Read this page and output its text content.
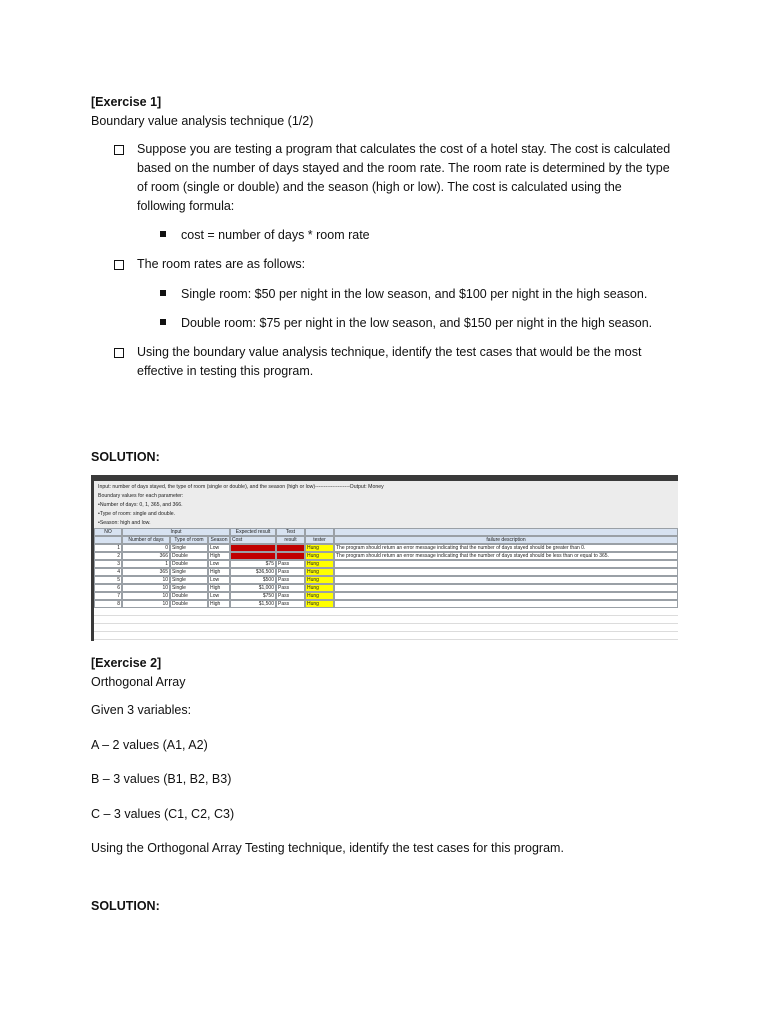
[Exercise 1]
Boundary value analysis technique (1/2)
Suppose you are testing a program that calculates the cost of a hotel stay. The cost is calculated
based on the number of days stayed and the room rate. The room rate is determined by the type
of room (single or double) and the season (high or low). The cost is calculated using the
following formula:
cost = number of days * room rate
The room rates are as follows:
Single room: $50 per night in the low season, and $100 per night in the high season.
Double room: $75 per night in the low season, and $150 per night in the high season.
Using the boundary value analysis technique, identify the test cases that would be the most
effective in testing this program.
SOLUTION:
Input: number of days stayed, the type of room (single or double), and the season (high or low)--------------------Output: Money
Boundary values for each parameter:
•Number of days: 0, 1, 365, and 366.
•Type of room: single and double.
•Season: high and low.
NO	Input	Expected result	Test
Number of days	Type of room	Season Cost	result	tester	failure description
1	0 Single	Low	ERROR	Fail	Hung	The program should return an error message indicating that the number of days stayed should be greater than 0.
2	366 Double	High	ERROR	Fail	Hung	The program should return an error message indicating that the number of days stayed should be less than or equal to 365.
3	1 Double	Low	$75 Pass	Hung
4	365 Single	High	$36,500 Pass	Hung
5	10 Single	Low	$500 Pass	Hung
6	10 Single	High	$1,000 Pass	Hung
7	10 Double	Low	$750 Pass	Hung
8	10 Double	High	$1,500 Pass	Hung
[Exercise 2]
Orthogonal Array
Given 3 variables:
A – 2 values (A1, A2)
B – 3 values (B1, B2, B3)
C – 3 values (C1, C2, C3)
Using the Orthogonal Array Testing technique, identify the test cases for this program.
SOLUTION:
